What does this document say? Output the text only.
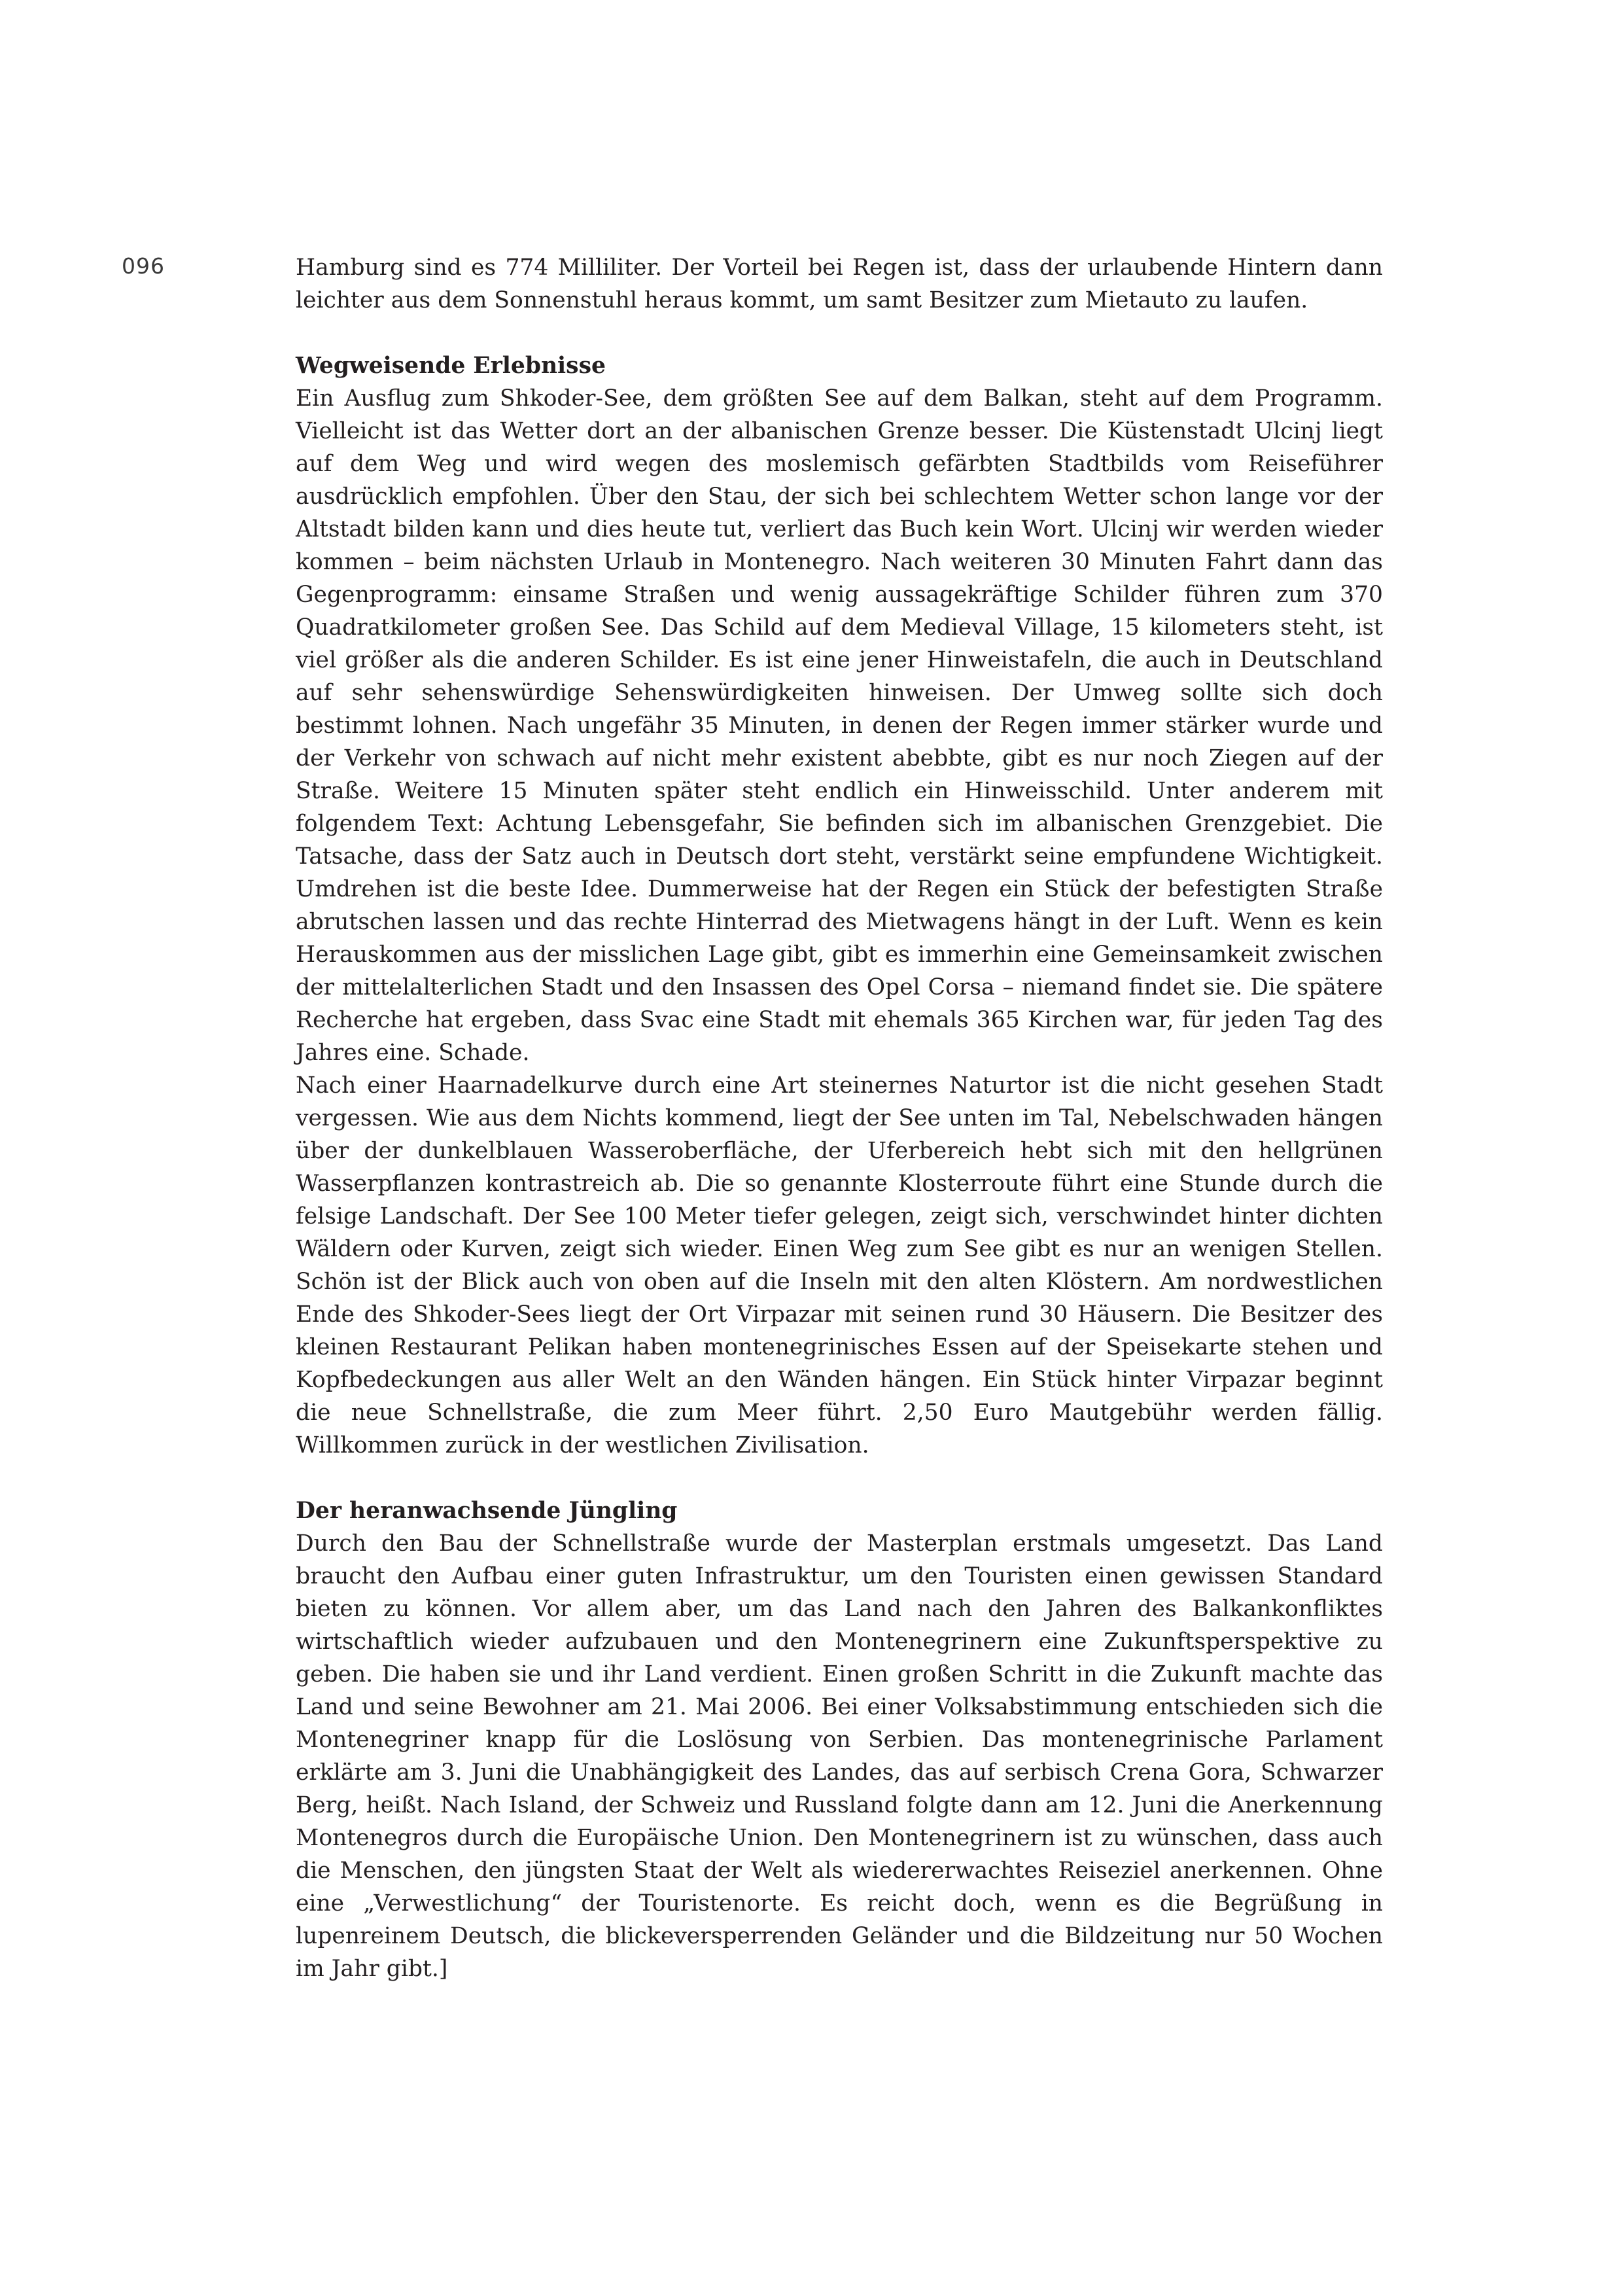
096	Hamburg sind es 774 Milliliter. Der Vorteil bei Regen ist, dass der urlaubende Hintern dann leichter aus dem Sonnenstuhl heraus kommt, um samt Besitzer zum Mietauto zu laufen.

Wegweisende Erlebnisse

Ein Ausflug zum Shkoder-See, dem größten See auf dem Balkan, steht auf dem Programm. Vielleicht ist das Wetter dort an der albanischen Grenze besser. Die Küstenstadt Ulcinj liegt auf dem Weg und wird wegen des moslemisch gefärbten Stadtbilds vom Reiseführer ausdrücklich empfohlen. Über den Stau, der sich bei schlechtem Wetter schon lange vor der Altstadt bilden kann und dies heute tut, verliert das Buch kein Wort. Ulcinj wir werden wieder kommen – beim nächsten Urlaub in Montenegro. Nach weiteren 30 Minuten Fahrt dann das Gegenprogramm: einsame Straßen und wenig aussagekräftige Schilder führen zum 370 Quadratkilometer großen See. Das Schild auf dem Medieval Village, 15 kilometers steht, ist viel größer als die anderen Schilder. Es ist eine jener Hinweistafeln, die auch in Deutschland auf sehr sehenswürdige Sehenswürdigkeiten hinweisen. Der Umweg sollte sich doch bestimmt lohnen. Nach ungefähr 35 Minuten, in denen der Regen immer stärker wurde und der Verkehr von schwach auf nicht mehr existent abebbte, gibt es nur noch Ziegen auf der Straße. Weitere 15 Minuten später steht endlich ein Hinweisschild. Unter anderem mit folgendem Text: Achtung Lebensgefahr, Sie befinden sich im albanischen Grenzgebiet. Die Tatsache, dass der Satz auch in Deutsch dort steht, verstärkt seine empfundene Wichtigkeit. Umdrehen ist die beste Idee. Dummerweise hat der Regen ein Stück der befestigten Straße abrutschen lassen und das rechte Hinterrad des Mietwagens hängt in der Luft. Wenn es kein Herauskommen aus der misslichen Lage gibt, gibt es immerhin eine Gemeinsamkeit zwischen der mittelalterlichen Stadt und den Insassen des Opel Corsa – niemand findet sie. Die spätere Recherche hat ergeben, dass Svac eine Stadt mit ehemals 365 Kirchen war, für jeden Tag des Jahres eine. Schade.

Nach einer Haarnadelkurve durch eine Art steinernes Naturtor ist die nicht gesehen Stadt vergessen. Wie aus dem Nichts kommend, liegt der See unten im Tal, Nebelschwaden hängen über der dunkelblauen Wasseroberfläche, der Uferbereich hebt sich mit den hellgrünen Wasserpflanzen kontrastreich ab. Die so genannte Klosterroute führt eine Stunde durch die felsige Landschaft. Der See 100 Meter tiefer gelegen, zeigt sich, verschwindet hinter dichten Wäldern oder Kurven, zeigt sich wieder. Einen Weg zum See gibt es nur an wenigen Stellen. Schön ist der Blick auch von oben auf die Inseln mit den alten Klöstern. Am nordwestlichen Ende des Shkoder-Sees liegt der Ort Virpazar mit seinen rund 30 Häusern. Die Besitzer des kleinen Restaurant Pelikan haben montenegrinisches Essen auf der Speisekarte stehen und Kopfbedeckungen aus aller Welt an den Wänden hängen. Ein Stück hinter Virpazar beginnt die neue Schnellstraße, die zum Meer führt. 2,50 Euro Mautgebühr werden fällig. Willkommen zurück in der westlichen Zivilisation.

Der heranwachsende Jüngling

Durch den Bau der Schnellstraße wurde der Masterplan erstmals umgesetzt. Das Land braucht den Aufbau einer guten Infrastruktur, um den Touristen einen gewissen Standard bieten zu können. Vor allem aber, um das Land nach den Jahren des Balkankonfliktes wirtschaftlich wieder aufzubauen und den Montenegrinern eine Zukunftsperspektive zu geben. Die haben sie und ihr Land verdient. Einen großen Schritt in die Zukunft machte das Land und seine Bewohner am 21. Mai 2006. Bei einer Volksabstimmung entschieden sich die Montenegriner knapp für die Loslösung von Serbien. Das montenegrinische Parlament erklärte am 3. Juni die Unabhängigkeit des Landes, das auf serbisch Crena Gora, Schwarzer Berg, heißt. Nach Island, der Schweiz und Russland folgte dann am 12. Juni die Anerkennung Montenegros durch die Europäische Union. Den Montenegrinern ist zu wünschen, dass auch die Menschen, den jüngsten Staat der Welt als wiedererwachtes Reiseziel anerkennen. Ohne eine „Verwestlichung“ der Touristenorte. Es reicht doch, wenn es die Begrüßung in lupenreinem Deutsch, die blickeversperrenden Geländer und die Bildzeitung nur 50 Wochen im Jahr gibt.]
